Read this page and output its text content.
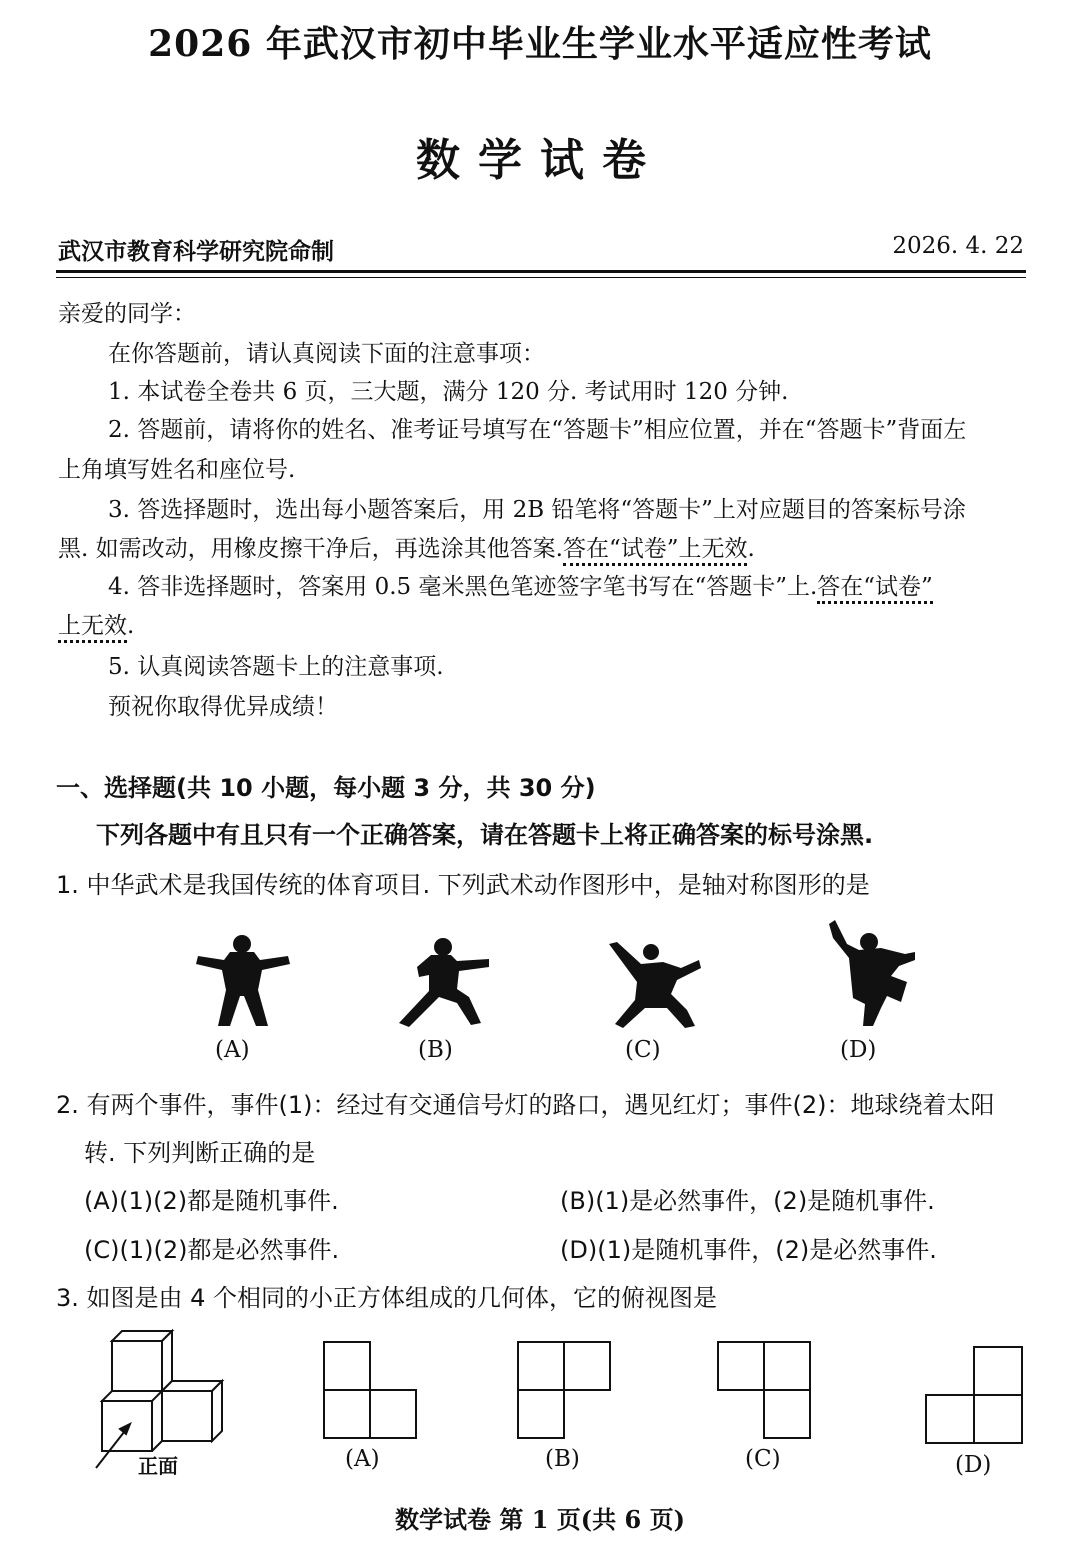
2026 年武汉市初中毕业生学业水平适应性考试
数学试卷
武汉市教育科学研究院命制	2026. 4. 22
亲爱的同学：
在你答题前，请认真阅读下面的注意事项：
1. 本试卷全卷共 6 页，三大题，满分 120 分. 考试用时 120 分钟.
2. 答题前，请将你的姓名、准考证号填写在“答题卡”相应位置，并在“答题卡”背面左
上角填写姓名和座位号.
3. 答选择题时，选出每小题答案后，用 2B 铅笔将“答题卡”上对应题目的答案标号涂
黑. 如需改动，用橡皮擦干净后，再选涂其他答案.答在“试卷”上无效.
4. 答非选择题时，答案用 0.5 毫米黑色笔迹签字笔书写在“答题卡”上.答在“试卷”
上无效.
5. 认真阅读答题卡上的注意事项.
预祝你取得优异成绩！
一、选择题(共 10 小题，每小题 3 分，共 30 分)
下列各题中有且只有一个正确答案，请在答题卡上将正确答案的标号涂黑.
1. 中华武术是我国传统的体育项目. 下列武术动作图形中，是轴对称图形的是
(A)	(B)	(C)	(D)
2. 有两个事件，事件(1)：经过有交通信号灯的路口，遇见红灯；事件(2)：地球绕着太阳
转. 下列判断正确的是
(A)(1)(2)都是随机事件.	(B)(1)是必然事件，(2)是随机事件.
(C)(1)(2)都是必然事件.	(D)(1)是随机事件，(2)是必然事件.
3. 如图是由 4 个相同的小正方体组成的几何体，它的俯视图是
正面	(A)	(B)	(C)	(D)
数学试卷 第 1 页(共 6 页)
